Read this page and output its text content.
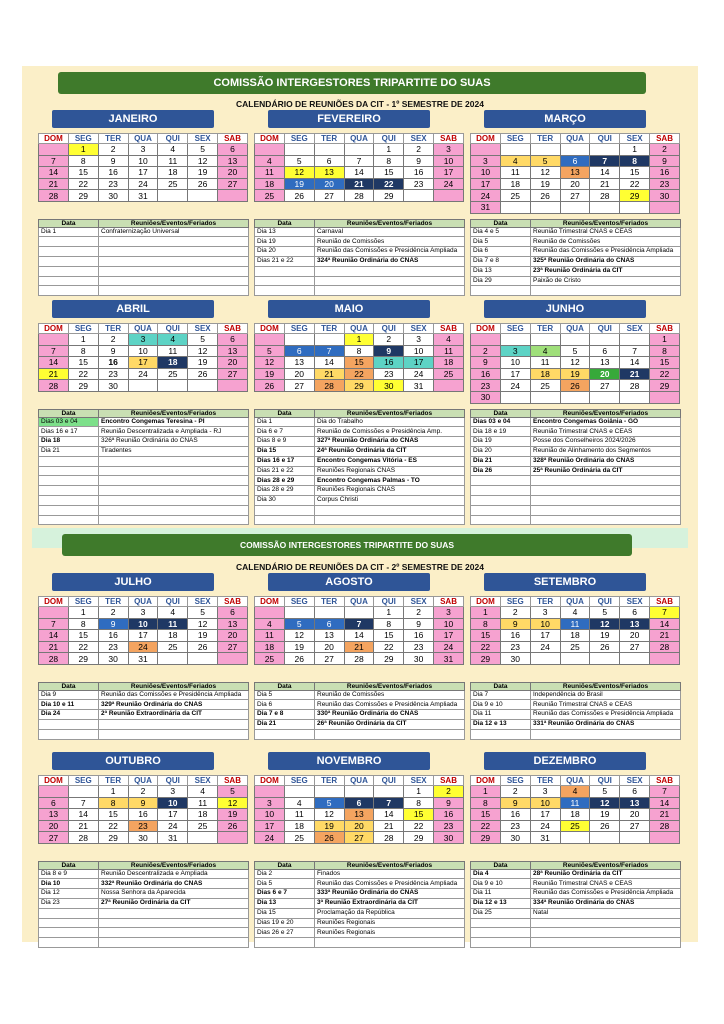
COMISSÃO INTERGESTORES TRIPARTITE DO SUAS
CALENDÁRIO DE REUNIÕES DA CIT - 1º SEMESTRE DE 2024
COMISSÃO INTERGESTORES TRIPARTITE DO SUAS
CALENDÁRIO DE REUNIÕES DA CIT - 2º SEMESTRE DE 2024
JANEIRO
DOM	SEG	TER	QUA	QUI	SEX	SAB
	1	2	3	4	5	6
7	8	9	10	11	12	13
14	15	16	17	18	19	20
21	22	23	24	25	26	27
28	29	30	31			
Data	Reuniões/Eventos/Feriados
Dia 1	Confraternização Universal

FEVEREIRO
DOM	SEG	TER	QUA	QUI	SEX	SAB
				1	2	3
4	5	6	7	8	9	10
11	12	13	14	15	16	17
18	19	20	21	22	23	24
25	26	27	28	29		
Data	Reuniões/Eventos/Feriados
Dia 13	Carnaval
Dia 19	Reunião de Comissões
Dia 20	Reunião das Comissões e Presidência Ampliada
Dias 21 e 22	324ª Reunião Ordinária do CNAS

MARÇO
DOM	SEG	TER	QUA	QUI	SEX	SAB
					1	2
3	4	5	6	7	8	9
10	11	12	13	14	15	16
17	18	19	20	21	22	23
24	25	26	27	28	29	30
31						
Data	Reuniões/Eventos/Feriados
Dia 4 e 5	Reunião Trimestral CNAS e CEAS
Dia 5	Reunião de Comissões
Dia 6	Reunião das Comissões e Presidência Ampliada
Dia 7 e 8	325ª Reunião Ordinária do CNAS
Dia 13	23ª Reunião Ordinária da CIT
Dia 29	Paixão de Cristo

ABRIL
DOM	SEG	TER	QUA	QUI	SEX	SAB
	1	2	3	4	5	6
7	8	9	10	11	12	13
14	15	16	17	18	19	20
21	22	23	24	25	26	27
28	29	30				
Data	Reuniões/Eventos/Feriados
Dias 03 e 04	Encontro Congemas Teresina - PI
Dias 16 e 17	Reunião Descentralizada e Ampliada - RJ
Dia 18	326ª Reunião Ordinária do CNAS
Dia 21	Tiradentes

MAIO
DOM	SEG	TER	QUA	QUI	SEX	SAB
			1	2	3	4
5	6	7	8	9	10	11
12	13	14	15	16	17	18
19	20	21	22	23	24	25
26	27	28	29	30	31	
Data	Reuniões/Eventos/Feriados
Dia 1	Dia do Trabalho
Dia 6 e 7	Reunião de Comissões e Presidência Amp.
Dias 8 e 9	327ª Reunião Ordinária do CNAS
Dia 15	24ª Reunião Ordinária da CIT
Dias 16 e 17	Encontro Congemas Vitória - ES
Dias 21 e 22	Reuniões Regionais CNAS
Dias 28 e 29	Encontro Congemas Palmas - TO
Dias 28 e 29	Reuniões Regionais CNAS
Dia 30	Corpus Christi

JUNHO
DOM	SEG	TER	QUA	QUI	SEX	SAB
						1
2	3	4	5	6	7	8
9	10	11	12	13	14	15
16	17	18	19	20	21	22
23	24	25	26	27	28	29
30						
Data	Reuniões/Eventos/Feriados
Dias 03 e 04	Encontro Congemas Goiânia - GO
Dia 18 e 19	Reunião Trimestral CNAS e CEAS
Dia 19	Posse dos Conselheiros 2024/2026
Dia 20	Reunião de Alinhamento dos Segmentos
Dia 21	328ª Reunião Ordinária do CNAS
Dia 26	25ª Reunião Ordinária da CIT

JULHO
DOM	SEG	TER	QUA	QUI	SEX	SAB
	1	2	3	4	5	6
7	8	9	10	11	12	13
14	15	16	17	18	19	20
21	22	23	24	25	26	27
28	29	30	31			
Data	Reuniões/Eventos/Feriados
Dia 9	Reunião das Comissões e Presidência Ampliada
Dia 10 e 11	329ª Reunião Ordinária do CNAS
Dia 24	2ª Reunião Extraordinária da CIT

AGOSTO
DOM	SEG	TER	QUA	QUI	SEX	SAB
				1	2	3
4	5	6	7	8	9	10
11	12	13	14	15	16	17
18	19	20	21	22	23	24
25	26	27	28	29	30	31
Data	Reuniões/Eventos/Feriados
Dia 5	Reunião de Comissões
Dia 6	Reunião das Comissões e Presidência Ampliada
Dia 7 e 8	330ª Reunião Ordinária do CNAS
Dia 21	26ª Reunião Ordinária da CIT

SETEMBRO
DOM	SEG	TER	QUA	QUI	SEX	SAB
1	2	3	4	5	6	7
8	9	10	11	12	13	14
15	16	17	18	19	20	21
22	23	24	25	26	27	28
29	30					
Data	Reuniões/Eventos/Feriados
Dia 7	Independência do Brasil
Dia 9 e 10	Reunião Trimestral CNAS e CEAS
Dia 11	Reunião das Comissões e Presidência Ampliada
Dia 12 e 13	331ª Reunião Ordinária do CNAS

OUTUBRO
DOM	SEG	TER	QUA	QUI	SEX	SAB
		1	2	3	4	5
6	7	8	9	10	11	12
13	14	15	16	17	18	19
20	21	22	23	24	25	26
27	28	29	30	31		
Data	Reuniões/Eventos/Feriados
Dia 8 e 9	Reunião Descentralizada e Ampliada
Dia 10	332ª Reunião Ordinária do CNAS
Dia 12	Nossa Senhora da Aparecida
Dia 23	27ª Reunião Ordinária da CIT

NOVEMBRO
DOM	SEG	TER	QUA	QUI	SEX	SAB
					1	2
3	4	5	6	7	8	9
10	11	12	13	14	15	16
17	18	19	20	21	22	23
24	25	26	27	28	29	30
Data	Reuniões/Eventos/Feriados
Dia 2	Finados
Dia 5	Reunião das Comissões e Presidência Ampliada
Dias 6 e 7	333ª Reunião Ordinária do CNAS
Dia 13	3ª Reunião Extraordinária da CIT
Dia 15	Proclamação da República
Dias 19 e 20	Reuniões Regionais
Dias 26 e 27	Reuniões Regionais

DEZEMBRO
DOM	SEG	TER	QUA	QUI	SEX	SAB
1	2	3	4	5	6	7
8	9	10	11	12	13	14
15	16	17	18	19	20	21
22	23	24	25	26	27	28
29	30	31				
Data	Reuniões/Eventos/Feriados
Dia 4	28ª Reunião Ordinária da CIT
Dia 9 e 10	Reunião Trimestral CNAS e CEAS
Dia 11	Reunião das Comissões e Presidência Ampliada
Dia 12 e 13	334ª Reunião Ordinária do CNAS
Dia 25	Natal
